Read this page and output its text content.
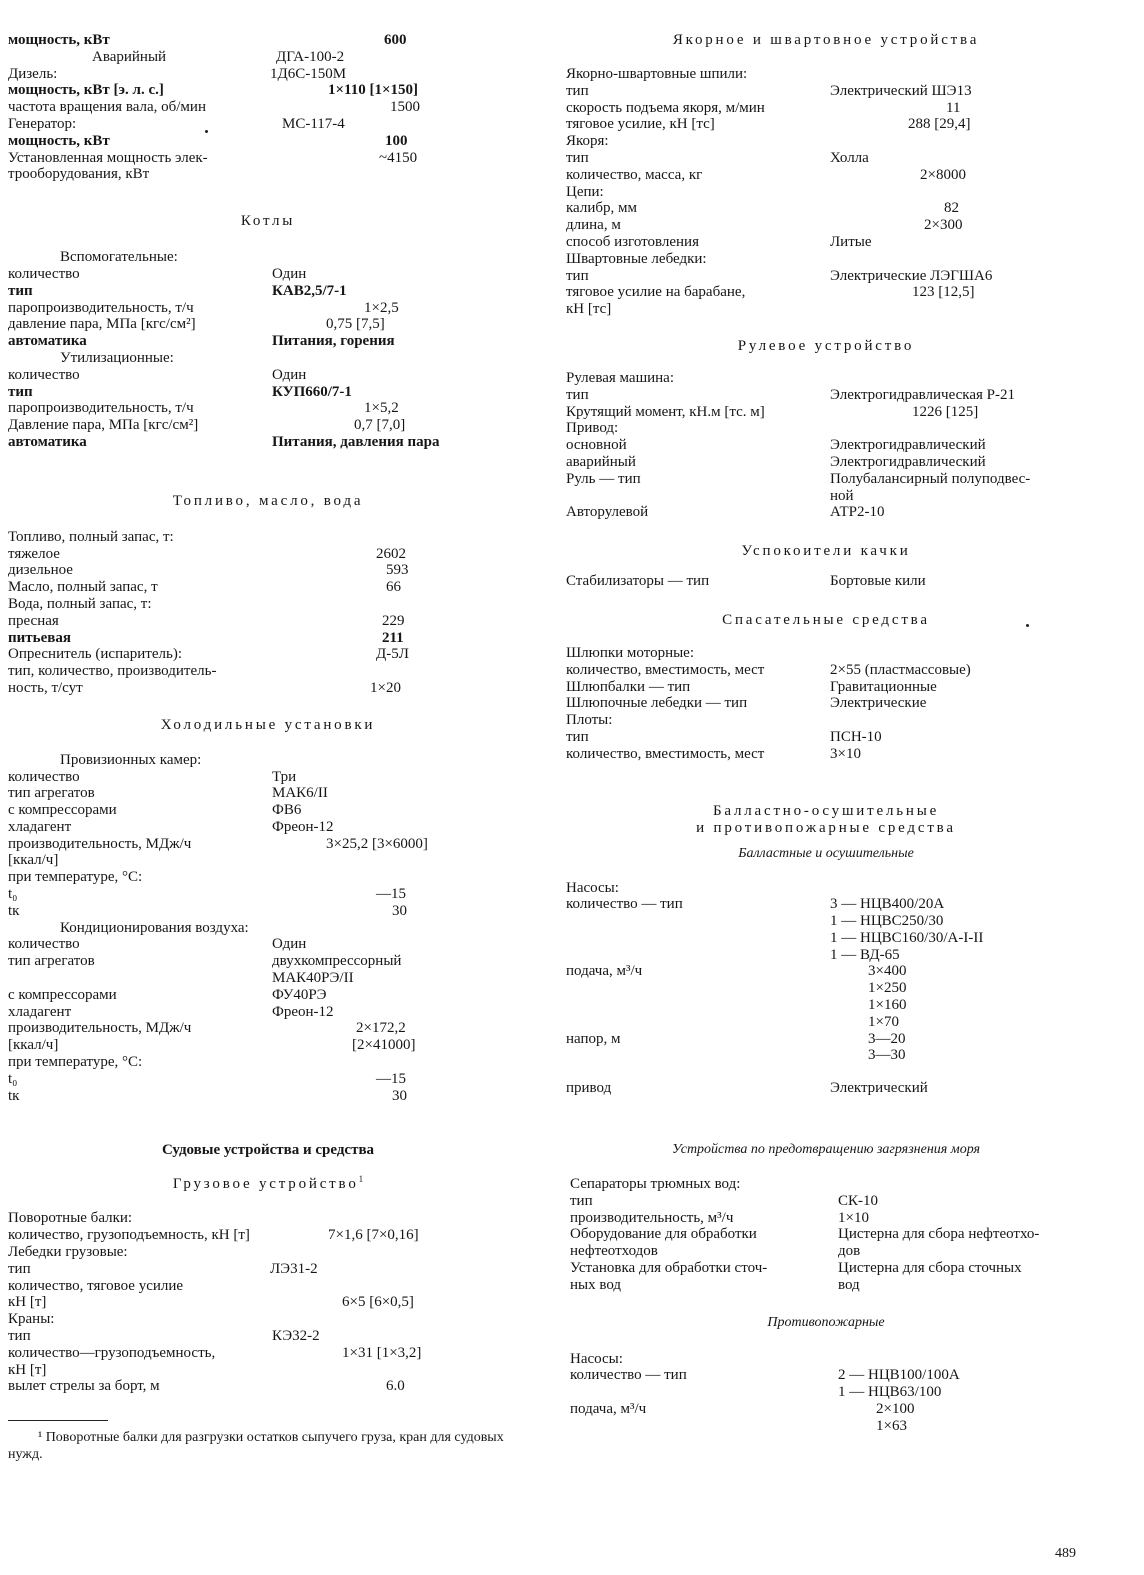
мощность, кВт	600
Аварийный	ДГА-100-2
Дизель:	1Д6С-150М
мощность, кВт [э. л. с.]	1×110 [1×150]
частота вращения вала, об/мин	1500
Генератор:	МС-117-4
мощность, кВт	100
Установленная мощность элек-	~4150
трооборудования, кВт
Котлы
Вспомогательные:
количество	Один
тип	КАВ2,5/7-1
паропроизводительность, т/ч	1×2,5
давление пара, МПа [кгс/см²]	0,75 [7,5]
автоматика	Питания, горения
Утилизационные:
количество	Один
тип	КУП660/7-1
паропроизводительность, т/ч	1×5,2
Давление пара, МПа [кгс/см²]	0,7 [7,0]
автоматика	Питания, давления пара
Топливо, масло, вода
Топливо, полный запас, т:
тяжелое	2602
дизельное	593
Масло, полный запас, т	66
Вода, полный запас, т:
пресная	229
питьевая	211
Опреснитель (испаритель):	Д-5Л
тип, количество, производитель-
ность, т/сут	1×20
Холодильные установки
Провизионных камер:
количество	Три
тип агрегатов	МАК6/II
с компрессорами	ФВ6
хладагент	Фреон-12
производительность, МДж/ч	3×25,2 [3×6000]
[ккал/ч]
при температуре, °С:
t₀	—15
tк	30
Кондиционирования воздуха:
количество	Один
тип агрегатов	двухкомпрессорный
МАК40РЭ/II
с компрессорами	ФУ40РЭ
хладагент	Фреон-12
производительность, МДж/ч	2×172,2
[ккал/ч]	[2×41000]
при температуре, °С:
t₀	—15
tк	30
Судовые устройства и средства
Грузовое устройство$^1$
Поворотные балки:
количество, грузоподъемность, кН [т]	7×1,6 [7×0,16]
Лебедки грузовые:
тип	ЛЭ31-2
количество, тяговое усилие
кН [т]	6×5 [6×0,5]
Краны:
тип	КЭ32-2
количество—грузоподъемность,	1×31 [1×3,2]
кН [т]
вылет стрелы за борт, м	6.0
¹ Поворотные балки для разгрузки остатков сыпучего груза, кран для судовых нужд.
Якорное и швартовное устройства
Якорно-швартовные шпили:
тип	Электрический ШЭ13
скорость подъема якоря, м/мин	11
тяговое усилие, кН [тс]	288 [29,4]
Якоря:
тип	Холла
количество, масса, кг	2×8000
Цепи:
калибр, мм	82
длина, м	2×300
способ изготовления	Литые
Швартовные лебедки:
тип	Электрические ЛЭГША6
тяговое усилие на барабане,	123 [12,5]
кН [тс]
Рулевое устройство
Рулевая машина:
тип	Электрогидравлическая Р-21
Крутящий момент, кН.м [тс. м]	1226 [125]
Привод:
основной	Электрогидравлический
аварийный	Электрогидравлический
Руль — тип	Полубалансирный полуподвес-
ной
Авторулевой	АТР2-10
Успокоители качки
Стабилизаторы — тип	Бортовые кили
Спасательные средства
Шлюпки моторные:
количество, вместимость, мест	2×55 (пластмассовые)
Шлюпбалки — тип	Гравитационные
Шлюпочные лебедки — тип	Электрические
Плоты:
тип	ПСН-10
количество, вместимость, мест	3×10
Балластно-осушительные
и противопожарные средства
Балластные и осушительные
Насосы:
количество — тип	3 — НЦВ400/20А
1 — НЦВС250/30
1 — НЦВС160/30/А-I-II
1 — ВД-65
подача, м³/ч	3×400
1×250
1×160
1×70
напор, м	3—20
3—30
привод	Электрический
Устройства по предотвращению загрязнения моря
Сепараторы трюмных вод:
тип	СК-10
производительность, м³/ч	1×10
Оборудование для обработки	Цистерна для сбора нефтеотхо-
нефтеотходов	дов
Установка для обработки сточ-	Цистерна для сбора сточных
ных вод	вод
Противопожарные
Насосы:
количество — тип	2 — НЦВ100/100А
1 — НЦВ63/100
подача, м³/ч	2×100
1×63
489
